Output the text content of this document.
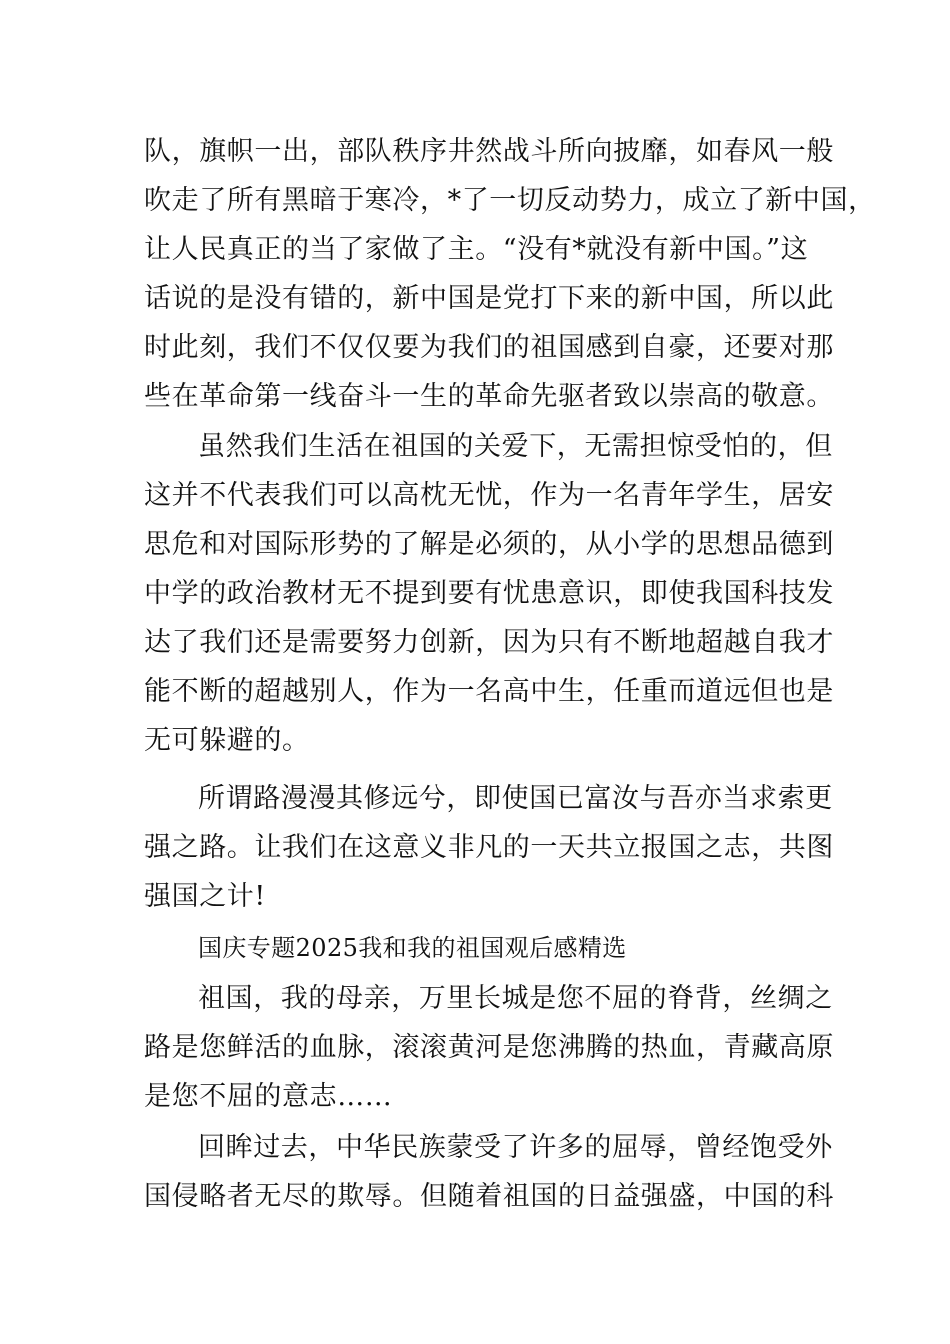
队，旗帜一出，部队秩序井然战斗所向披靡，如春风一般
吹走了所有黑暗于寒冷，*了一切反动势力，成立了新中国，
让人民真正的当了家做了主。“没有*就没有新中国。”这
话说的是没有错的，新中国是党打下来的新中国，所以此
时此刻，我们不仅仅要为我们的祖国感到自豪，还要对那
些在革命第一线奋斗一生的革命先驱者致以崇高的敬意。
虽然我们生活在祖国的关爱下，无需担惊受怕的，但
这并不代表我们可以高枕无忧，作为一名青年学生，居安
思危和对国际形势的了解是必须的，从小学的思想品德到
中学的政治教材无不提到要有忧患意识，即使我国科技发
达了我们还是需要努力创新，因为只有不断地超越自我才
能不断的超越别人，作为一名高中生，任重而道远但也是
无可躲避的。
所谓路漫漫其修远兮，即使国已富汝与吾亦当求索更
强之路。让我们在这意义非凡的一天共立报国之志，共图
强国之计!
国庆专题2025我和我的祖国观后感精选
祖国，我的母亲，万里长城是您不屈的脊背，丝绸之
路是您鲜活的血脉，滚滚黄河是您沸腾的热血，青藏高原
是您不屈的意志……
回眸过去，中华民族蒙受了许多的屈辱，曾经饱受外
国侵略者无尽的欺辱。但随着祖国的日益强盛，中国的科
